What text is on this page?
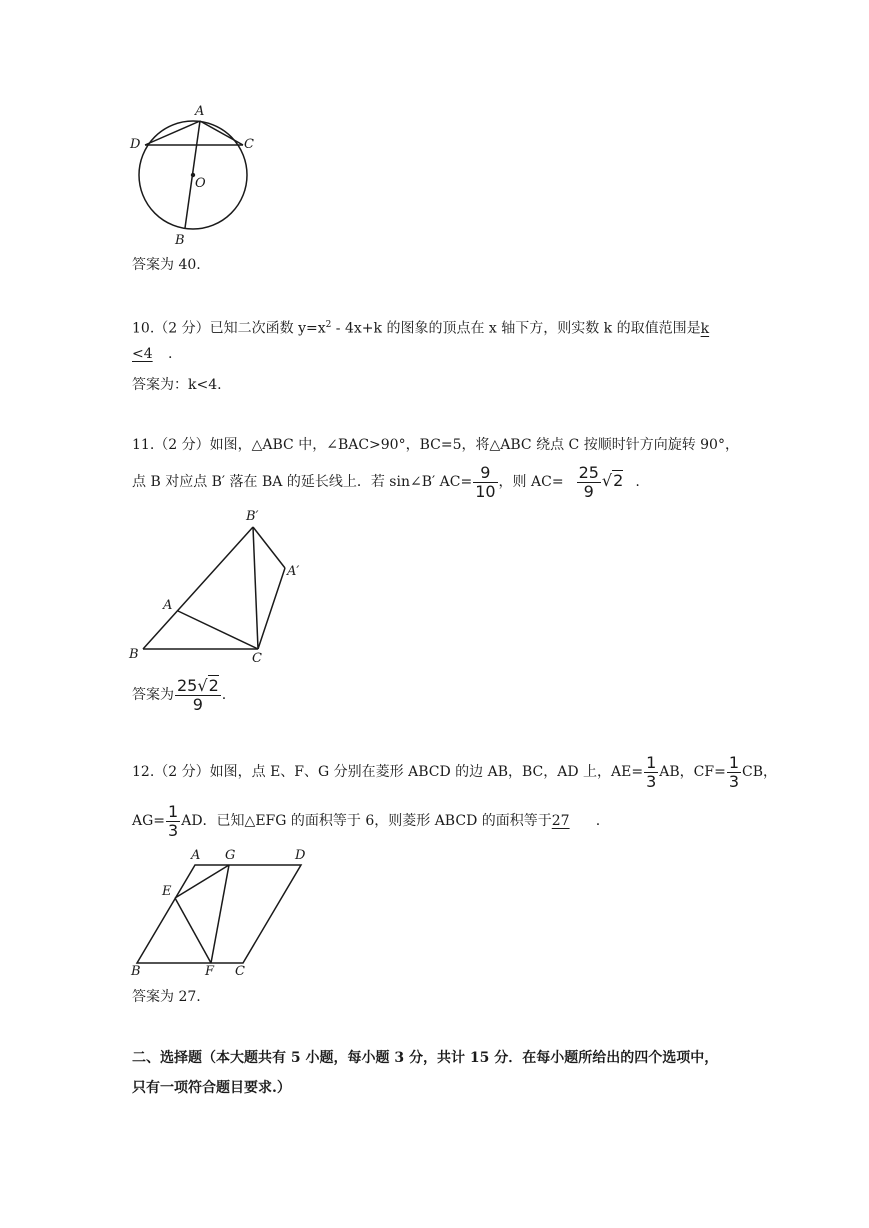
A
C
D
O
B
答案为 40.
10.（2 分）已知二次函数 $y=x^2 - 4x+k$ 的图象的顶点在 x 轴下方，则实数 k 的取值范围是k
<4.
答案为：k<4.
11.（2 分）如图，△ABC 中，∠BAC>90°，BC=5，将△ABC 绕点 C 按顺时针方向旋转 90°，
点 B 对应点 B′ 落在 BA 的延长线上．若 sin∠B′ $AC= \frac{9}{10}$ ，则 $AC= \frac{25}{9} √2$ .
B′
A′
A
B	C
答案为 $\frac{25√2}{9}$ .
12.（2 分）如图，点 E、F、G 分别在菱形 ABCD 的边 AB，BC，AD 上，$AE= \frac{1}{3}$ AB，$CF= \frac{1}{3}$ CB，
$AG= \frac{1}{3}$ AD．已知△EFG 的面积等于 6，则菱形 ABCD 的面积等于27.
A G	D
E
B	F C
答案为 27.
二、选择题（本大题共有 5 小题，每小题 3 分，共计 15 分．在每小题所给出的四个选项中，
只有一项符合题目要求.）
